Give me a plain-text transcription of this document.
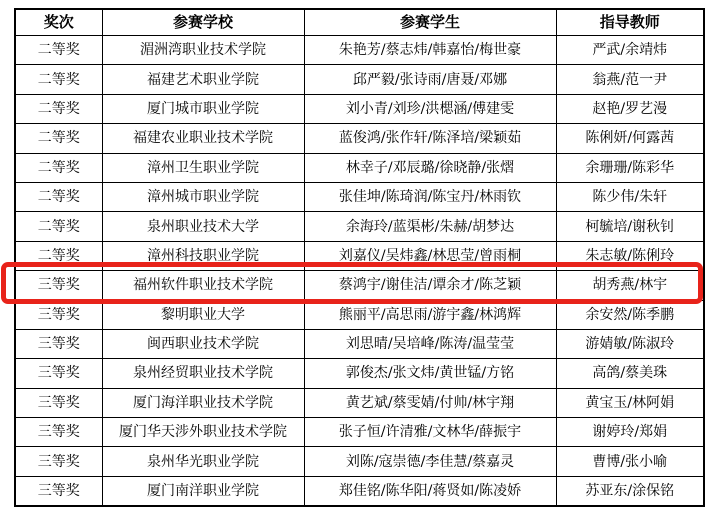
奖次	参赛学校	参赛学生	指导教师
二等奖	湄洲湾职业技术学院	朱艳芳/蔡志炜/韩嘉怡/梅世豪	严武/余靖炜
二等奖	福建艺术职业学院	邱严毅/张诗雨/唐聂/邓娜	翁燕/范一尹
二等奖	厦门城市职业学院	刘小青/刘珍/洪楒涵/傅建雯	赵艳/罗艺漫
二等奖	福建农业职业技术学院	蓝俊鸿/张作轩/陈泽培/梁颖茹	陈俐妍/何露茜
二等奖	漳州卫生职业学院	林幸子/邓辰璐/徐晓静/张熠	余珊珊/陈彩华
二等奖	漳州城市职业学院	张佳坤/陈琦润/陈宝丹/林雨钦	陈少伟/朱轩
二等奖	泉州职业技术大学	余海玲/蓝渠彬/朱赫/胡梦达	柯毓培/谢秋钊
二等奖	漳州科技职业学院	刘嘉仪/吴炜鑫/林思莹/曾雨桐	朱志敏/陈俐玲
三等奖	福州软件职业技术学院	蔡鸿宇/谢佳洁/谭余才/陈芝颖	胡秀燕/林宇
三等奖	黎明职业大学	熊丽平/高思雨/游宇鑫/林鸿辉	余安然/陈季鹏
三等奖	闽西职业技术学院	刘思晴/吴培峰/陈涛/温莹莹	游婧敏/陈淑玲
三等奖	泉州经贸职业技术学院	郭俊杰/张文炜/黄世锰/方铭	高鸽/蔡美珠
三等奖	厦门海洋职业技术学院	黄艺斌/蔡雯婧/付帅/林宇翔	黄宝玉/林阿娟
三等奖	厦门华天涉外职业技术学院	张子恒/许清雅/文林华/薛振宇	谢婷玲/郑娟
三等奖	泉州华光职业学院	刘陈/寇崇德/李佳慧/蔡嘉灵	曹博/张小喻
三等奖	厦门南洋职业学院	郑佳铭/陈华阳/蒋贤如/陈凌娇	苏亚东/涂保铭
